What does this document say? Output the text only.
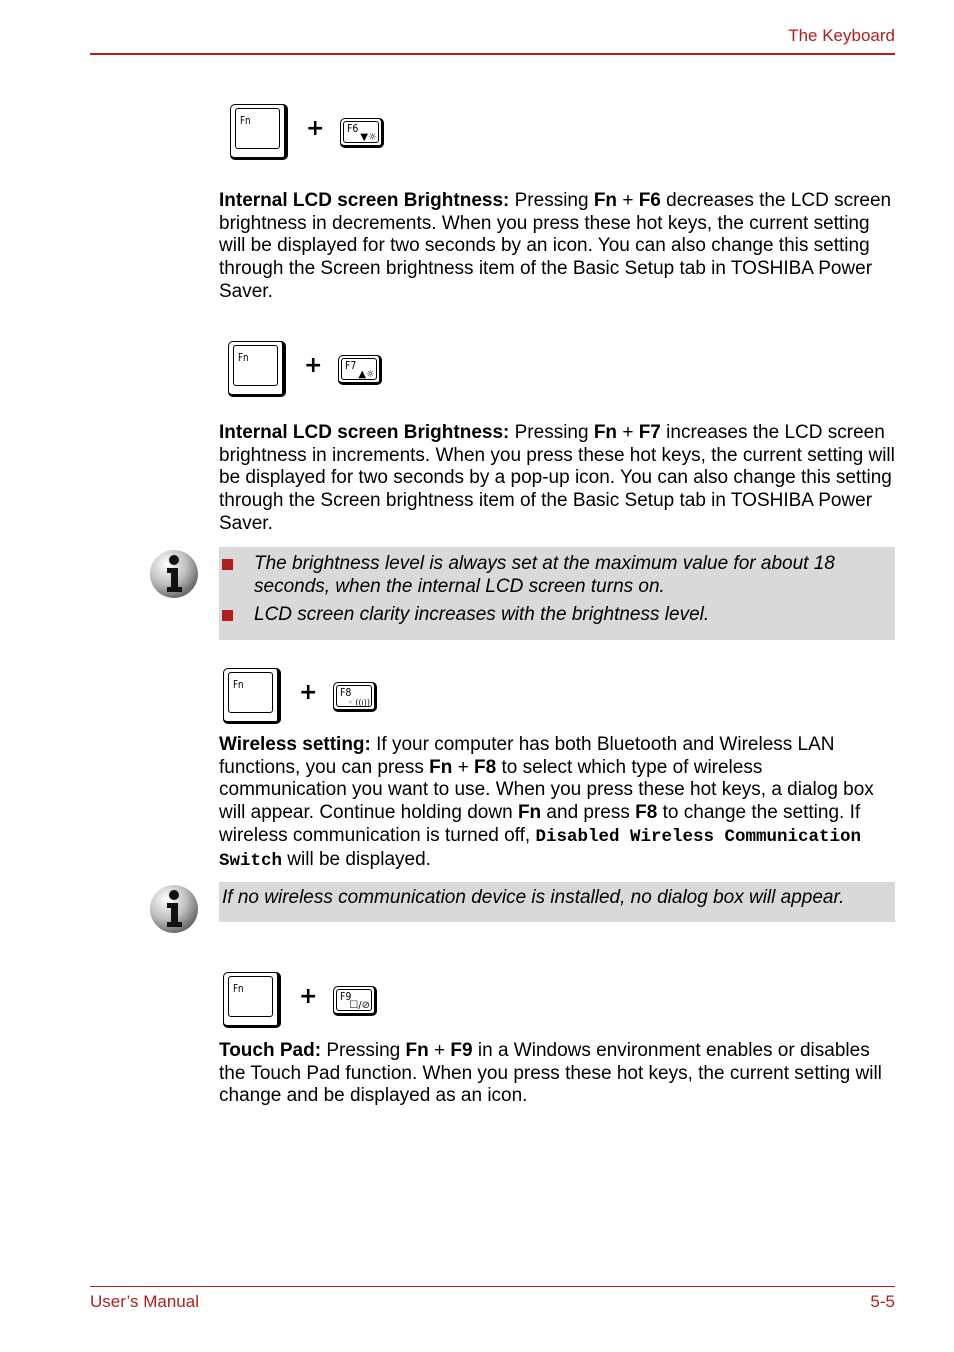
The Keyboard
Fn	+ F6
▼☼
Internal LCD screen Brightness: Pressing Fn + F6 decreases the LCD screen brightness in decrements. When you press these hot keys, the current setting will be displayed for two seconds by an icon. You can also change this setting through the Screen brightness item of the Basic Setup tab in TOSHIBA Power Saver.
Fn	+ F7
▲☼
Internal LCD screen Brightness: Pressing Fn + F7 increases the LCD screen brightness in increments. When you press these hot keys, the current setting will be displayed for two seconds by a pop-up icon. You can also change this setting through the Screen brightness item of the Basic Setup tab in TOSHIBA Power Saver.
The brightness level is always set at the maximum value for about 18 seconds, when the internal LCD screen turns on.
LCD screen clarity increases with the brightness level.
Fn	+ F8
◦ ((ı))
Wireless setting: If your computer has both Bluetooth and Wireless LAN functions, you can press Fn + F8 to select which type of wireless communication you want to use. When you press these hot keys, a dialog box will appear. Continue holding down Fn and press F8 to change the setting. If wireless communication is turned off, Disabled Wireless Communication Switch will be displayed.
If no wireless communication device is installed, no dialog box will appear.
Fn	+ F9
☐/⊘
Touch Pad: Pressing Fn + F9 in a Windows environment enables or disables the Touch Pad function. When you press these hot keys, the current setting will change and be displayed as an icon.
User’s Manual	5-5
